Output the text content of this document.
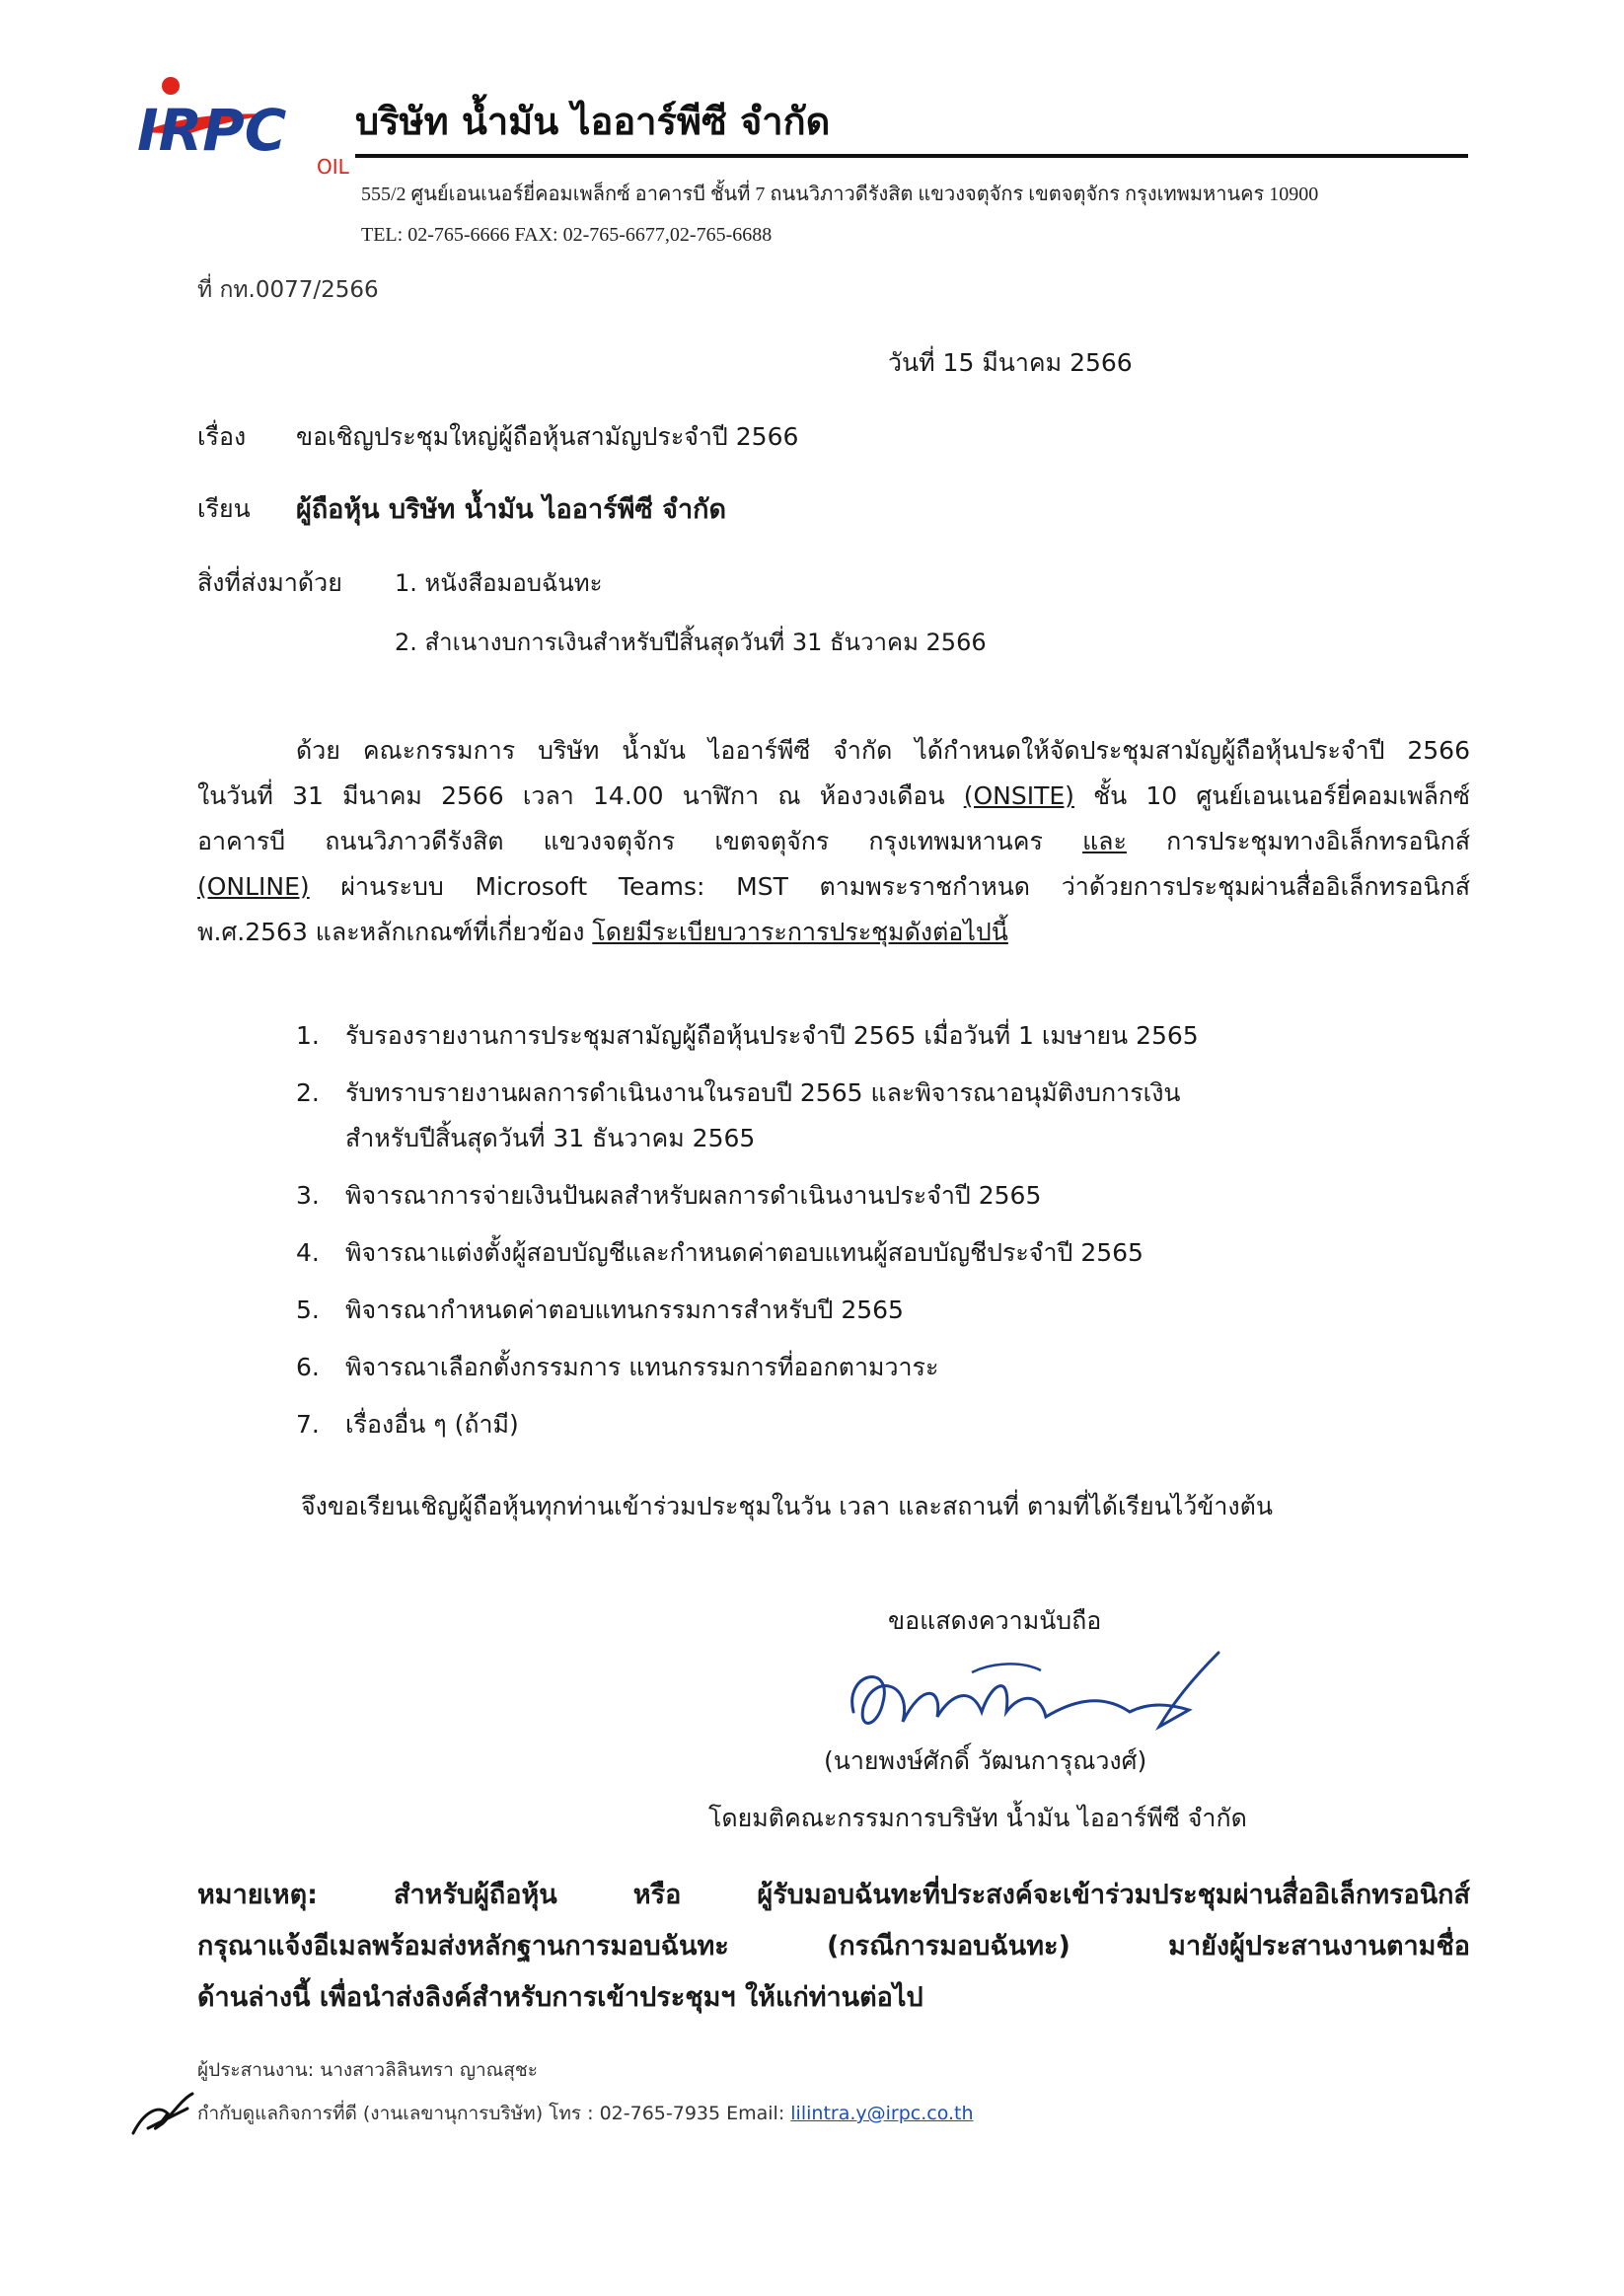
IRPC
OIL
บริษัท น้ำมัน ไออาร์พีซี จำกัด
555/2 ศูนย์เอนเนอร์ยี่คอมเพล็กซ์ อาคารบี ชั้นที่ 7 ถนนวิภาวดีรังสิต แขวงจตุจักร เขตจตุจักร กรุงเทพมหานคร 10900
TEL: 02-765-6666 FAX: 02-765-6677,02-765-6688
ที่ กท.0077/2566
วันที่ 15 มีนาคม 2566
เรื่อง ขอเชิญประชุมใหญ่ผู้ถือหุ้นสามัญประจำปี 2566
เรียน ผู้ถือหุ้น บริษัท น้ำมัน ไออาร์พีซี จำกัด
สิ่งที่ส่งมาด้วย 1. หนังสือมอบฉันทะ
2. สำเนางบการเงินสำหรับปีสิ้นสุดวันที่ 31 ธันวาคม 2566
ด้วย คณะกรรมการ บริษัท น้ำมัน ไออาร์พีซี จำกัด ได้กำหนดให้จัดประชุมสามัญผู้ถือหุ้นประจำปี 2566
ในวันที่ 31 มีนาคม 2566 เวลา 14.00 นาฬิกา ณ ห้องวงเดือน (ONSITE) ชั้น 10 ศูนย์เอนเนอร์ยี่คอมเพล็กซ์
อาคารบี ถนนวิภาวดีรังสิต แขวงจตุจักร เขตจตุจักร กรุงเทพมหานคร และ การประชุมทางอิเล็กทรอนิกส์
(ONLINE) ผ่านระบบ Microsoft Teams: MST ตามพระราชกำหนด ว่าด้วยการประชุมผ่านสื่ออิเล็กทรอนิกส์
พ.ศ.2563 และหลักเกณฑ์ที่เกี่ยวข้อง โดยมีระเบียบวาระการประชุมดังต่อไปนี้
1. รับรองรายงานการประชุมสามัญผู้ถือหุ้นประจำปี 2565 เมื่อวันที่ 1 เมษายน 2565
2. รับทราบรายงานผลการดำเนินงานในรอบปี 2565 และพิจารณาอนุมัติงบการเงิน
สำหรับปีสิ้นสุดวันที่ 31 ธันวาคม 2565
3. พิจารณาการจ่ายเงินปันผลสำหรับผลการดำเนินงานประจำปี 2565
4. พิจารณาแต่งตั้งผู้สอบบัญชีและกำหนดค่าตอบแทนผู้สอบบัญชีประจำปี 2565
5. พิจารณากำหนดค่าตอบแทนกรรมการสำหรับปี 2565
6. พิจารณาเลือกตั้งกรรมการ แทนกรรมการที่ออกตามวาระ
7. เรื่องอื่น ๆ (ถ้ามี)
จึงขอเรียนเชิญผู้ถือหุ้นทุกท่านเข้าร่วมประชุมในวัน เวลา และสถานที่ ตามที่ได้เรียนไว้ข้างต้น
ขอแสดงความนับถือ
(นายพงษ์ศักดิ์ วัฒนการุณวงศ์)
โดยมติคณะกรรมการบริษัท น้ำมัน ไออาร์พีซี จำกัด
หมายเหตุ: สำหรับผู้ถือหุ้น หรือ ผู้รับมอบฉันทะที่ประสงค์จะเข้าร่วมประชุมผ่านสื่ออิเล็กทรอนิกส์
กรุณาแจ้งอีเมลพร้อมส่งหลักฐานการมอบฉันทะ (กรณีการมอบฉันทะ) มายังผู้ประสานงานตามชื่อ
ด้านล่างนี้ เพื่อนำส่งลิงค์สำหรับการเข้าประชุมฯ ให้แก่ท่านต่อไป
ผู้ประสานงาน: นางสาวลิลินทรา ญาณสุชะ
กำกับดูแลกิจการที่ดี (งานเลขานุการบริษัท) โทร : 02-765-7935 Email: lilintra.y@irpc.co.th
